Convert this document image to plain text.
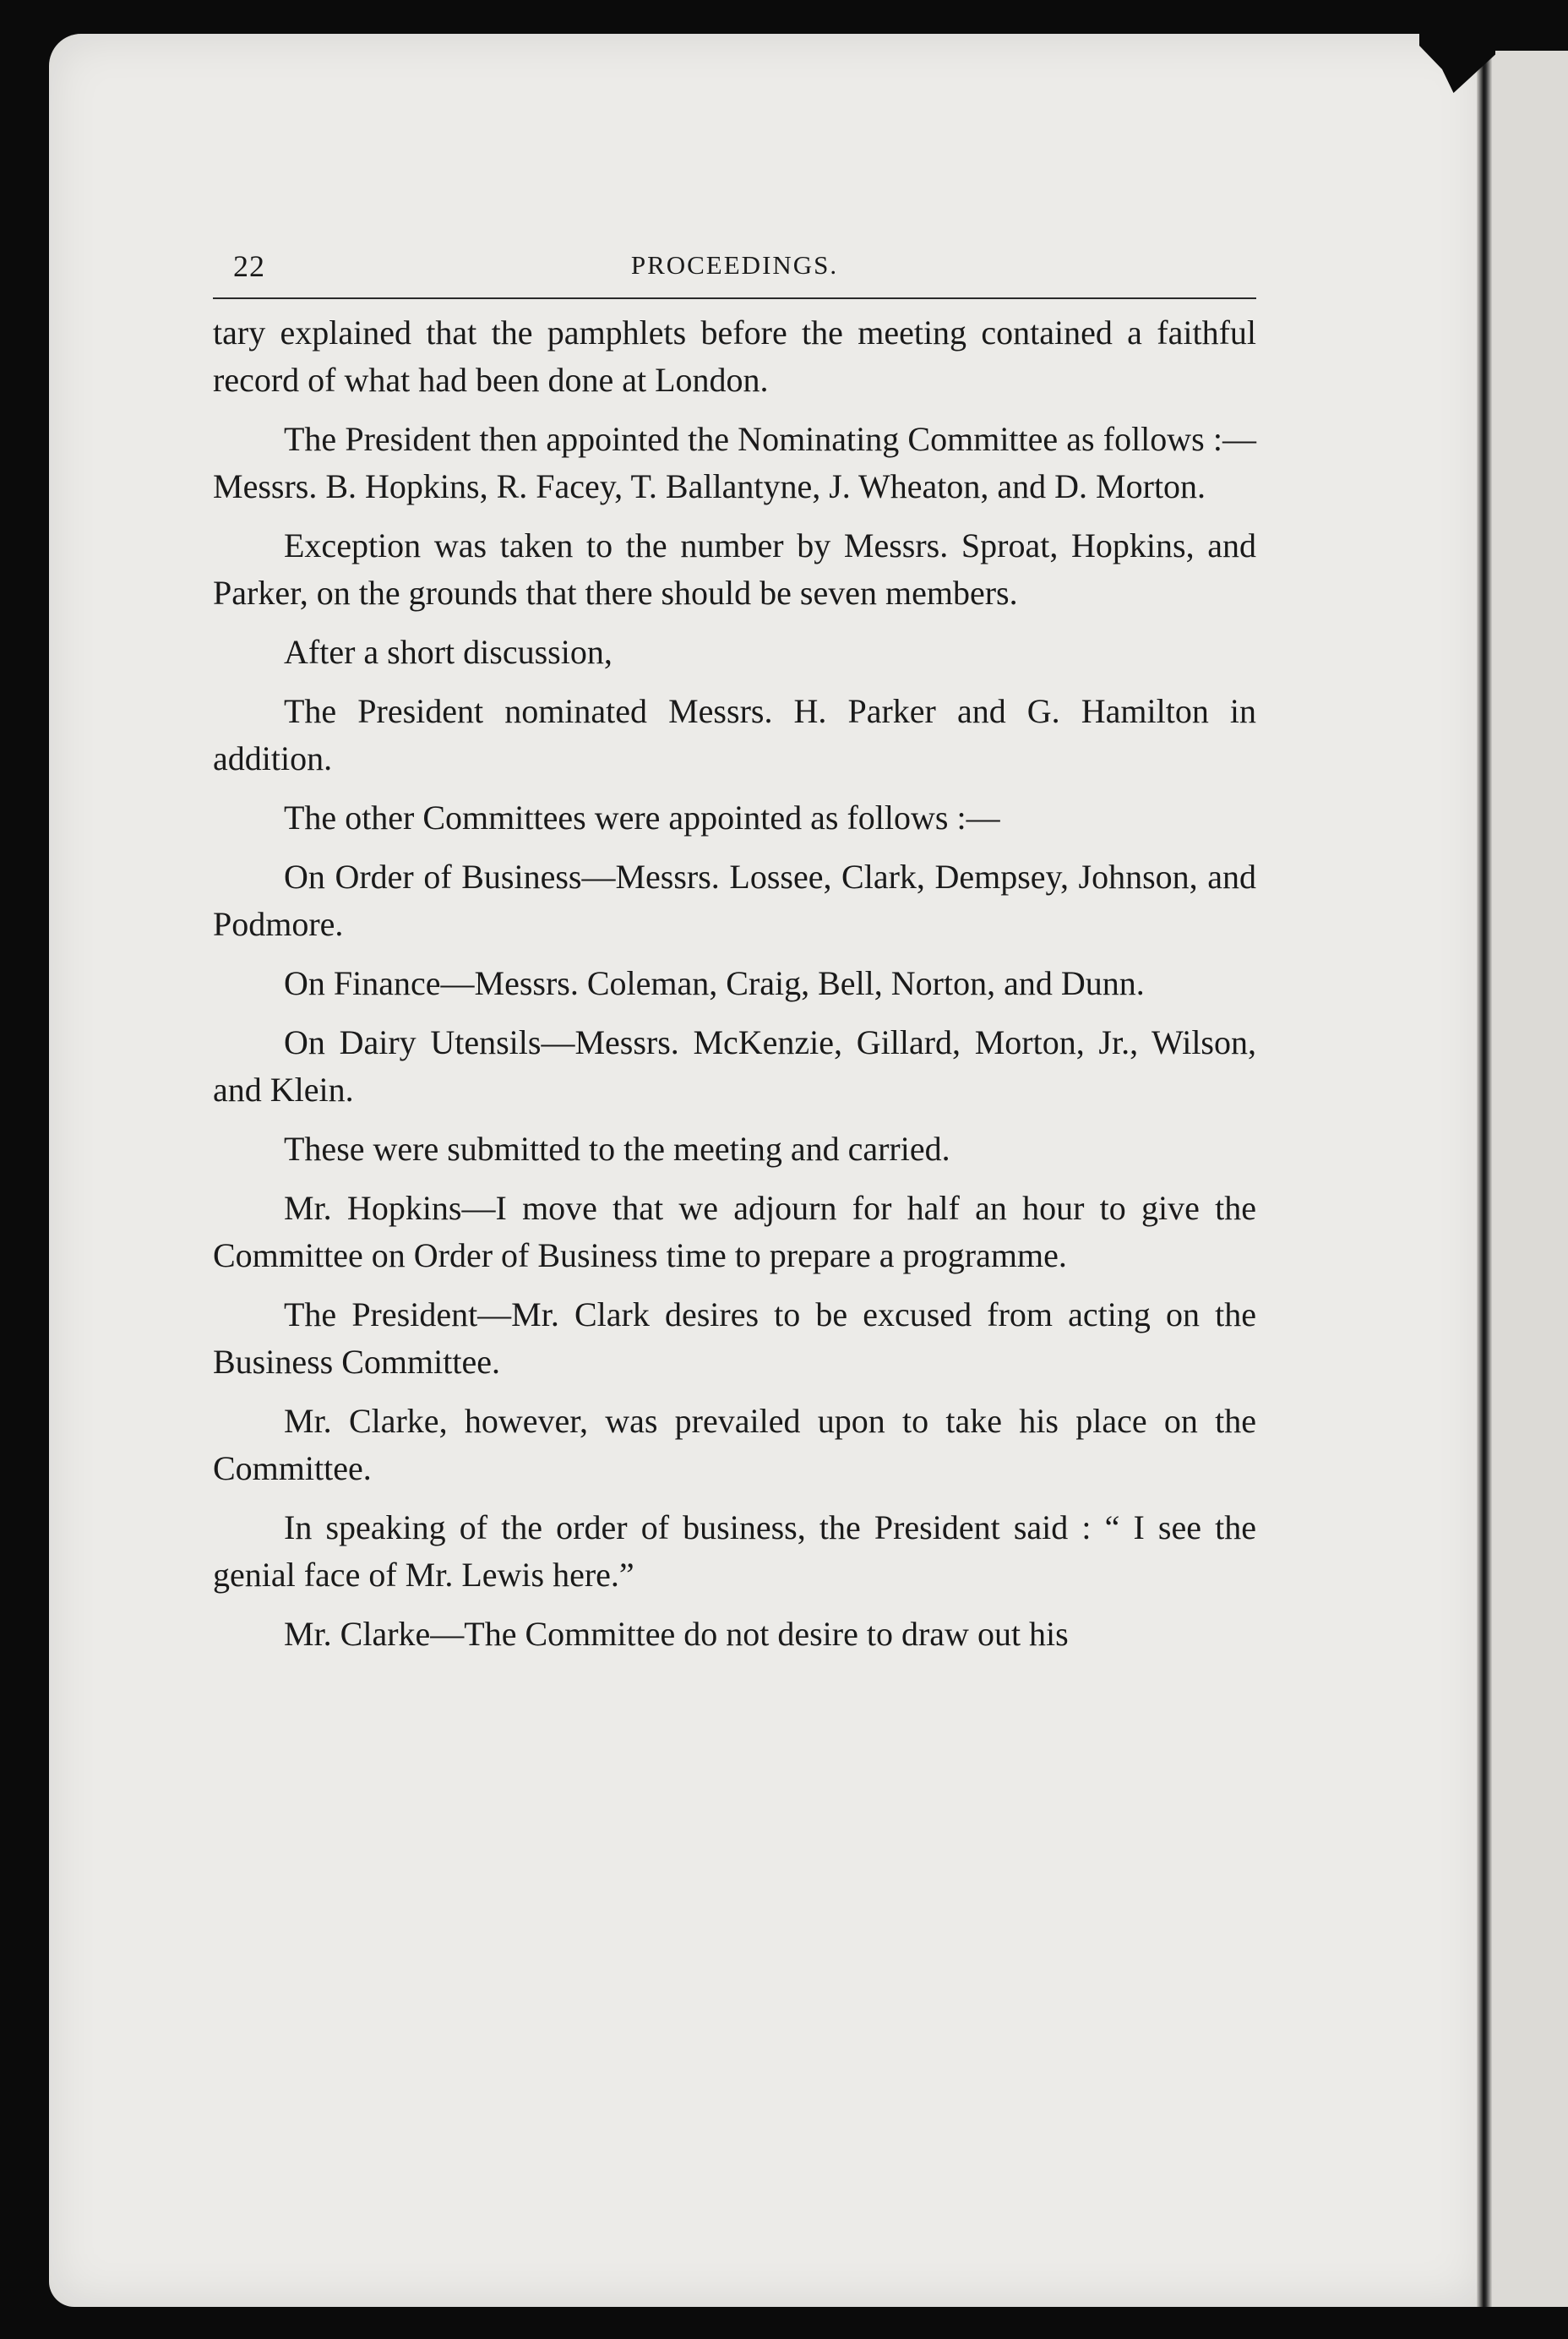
22	PROCEEDINGS.

tary explained that the pamphlets before the meeting contained a faithful record of what had been done at London.

The President then appointed the Nominating Committee as follows :—Messrs. B. Hopkins, R. Facey, T. Ballantyne, J. Wheaton, and D. Morton.

Exception was taken to the number by Messrs. Sproat, Hopkins, and Parker, on the grounds that there should be seven members.

After a short discussion,

The President nominated Messrs. H. Parker and G. Hamilton in addition.

The other Committees were appointed as follows :—

On Order of Business—Messrs. Lossee, Clark, Dempsey, Johnson, and Podmore.

On Finance—Messrs. Coleman, Craig, Bell, Norton, and Dunn.

On Dairy Utensils—Messrs. McKenzie, Gillard, Morton, Jr., Wilson, and Klein.

These were submitted to the meeting and carried.

Mr. Hopkins—I move that we adjourn for half an hour to give the Committee on Order of Business time to prepare a programme.

The President—Mr. Clark desires to be excused from acting on the Business Committee.

Mr. Clarke, however, was prevailed upon to take his place on the Committee.

In speaking of the order of business, the President said : “ I see the genial face of Mr. Lewis here.”

Mr. Clarke—The Committee do not desire to draw out his
